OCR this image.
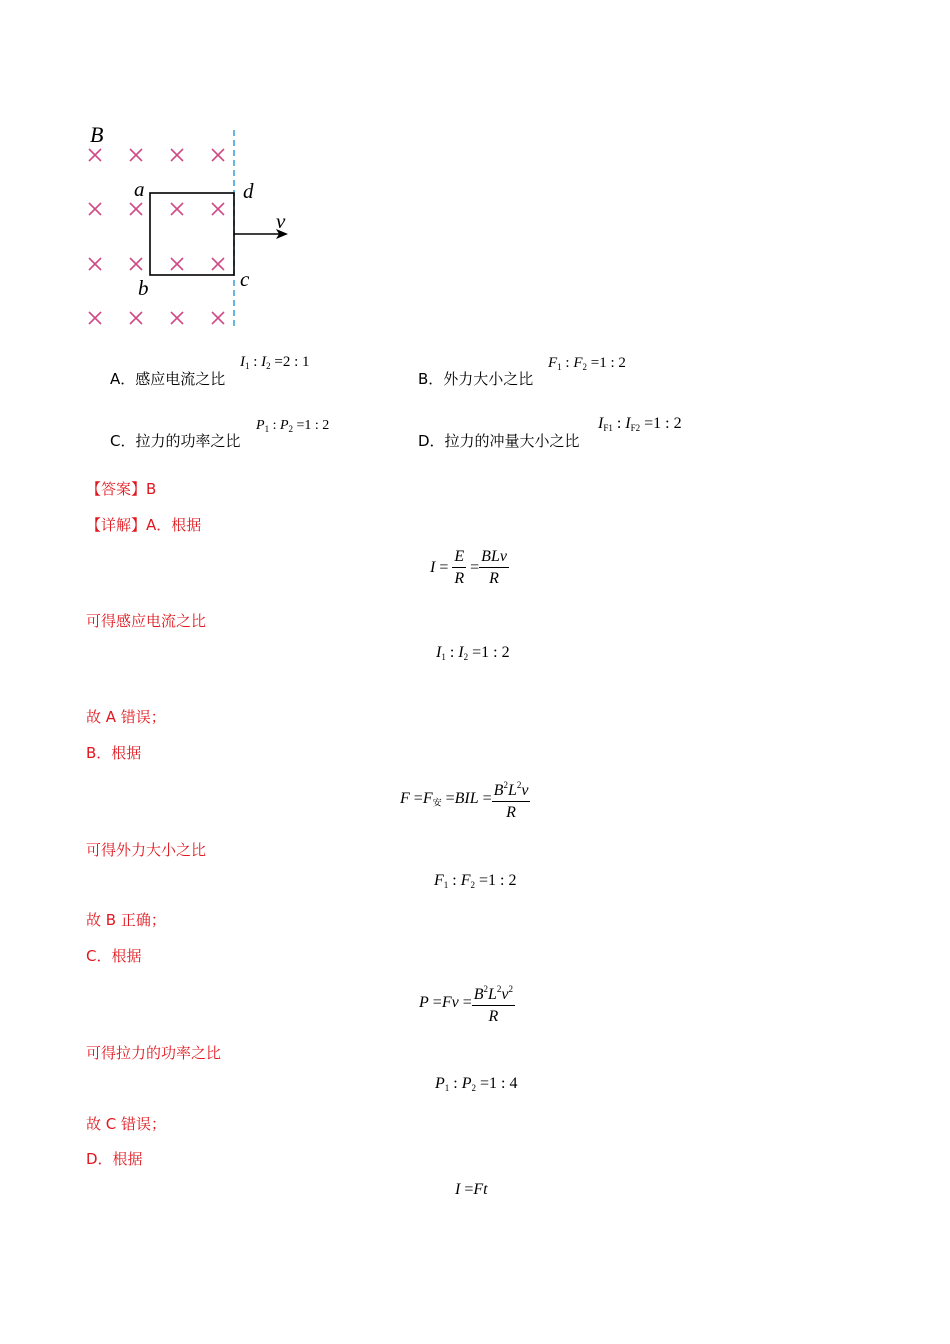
B
a	d
c
b
v
A．感应电流之比
$I_1$ : $I_2 =2$ : 1
B．外力大小之比
$F_1$ : $F_2 =1$ : 2
C．拉力的功率之比
$P_1$ : $P_2 =1$ : 2
D．拉力的冲量大小之比
$I_{F1}$ : $I_{F2} =1$ : 2
【答案】B
【详解】A．根据
$I = \frac{E}{R} = \frac{\text{BLv}}{R}$
可得感应电流之比
$I_1$ : $I_2 =1$ : 2
故 A 错误；
B．根据
$F =F_安 =BIL = \frac{B^2L^2v}{R}$
可得外力大小之比
$F_1$ : $F_2 =1$ : 2
故 B 正确；
C．根据
$P =Fv = \frac{B^2L^2v^2}{R}$
可得拉力的功率之比
$P_1$ : $P_2 =1$ : 4
故 C 错误；
D．根据
I =Ft
